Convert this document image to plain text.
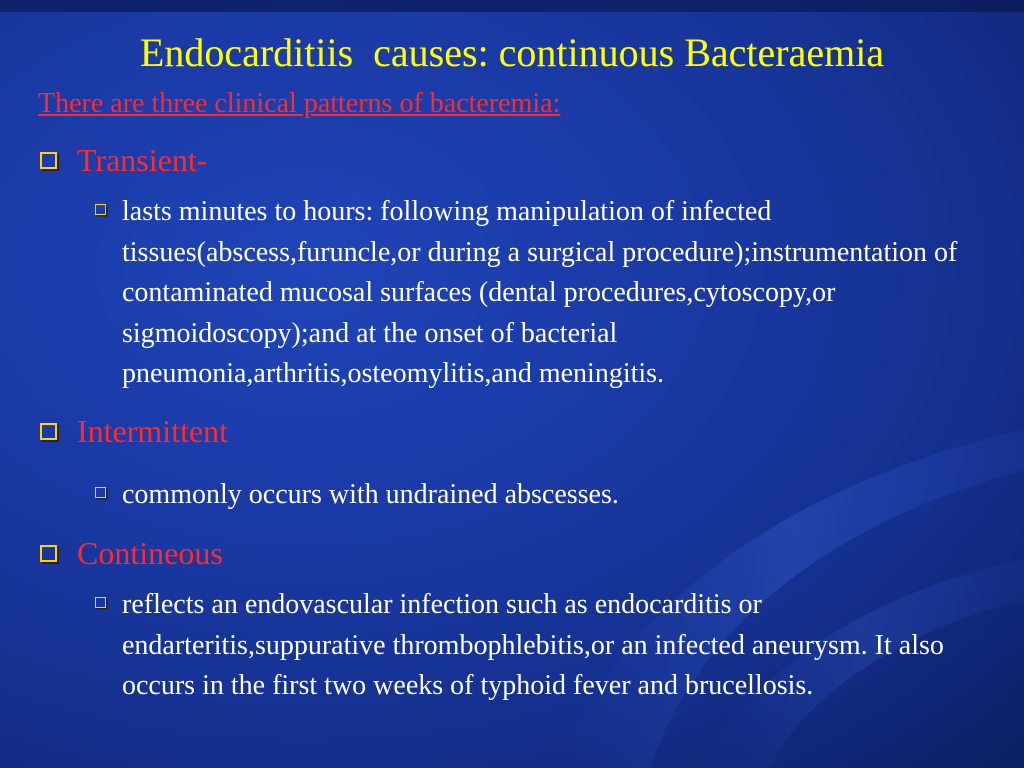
Endocarditiis  causes: continuous Bacteraemia
There are three clinical patterns of bacteremia:
Transient-
lasts minutes to hours: following manipulation of infected tissues(abscess,furuncle,or during a surgical procedure);instrumentation of contaminated mucosal surfaces (dental procedures,cytoscopy,or sigmoidoscopy);and at the onset of bacterial pneumonia,arthritis,osteomylitis,and meningitis.
Intermittent
commonly occurs with undrained abscesses.
Contineous
reflects an endovascular infection such as endocarditis or endarteritis,suppurative thrombophlebitis,or an infected aneurysm. It also occurs in the first two weeks of typhoid fever and brucellosis.
